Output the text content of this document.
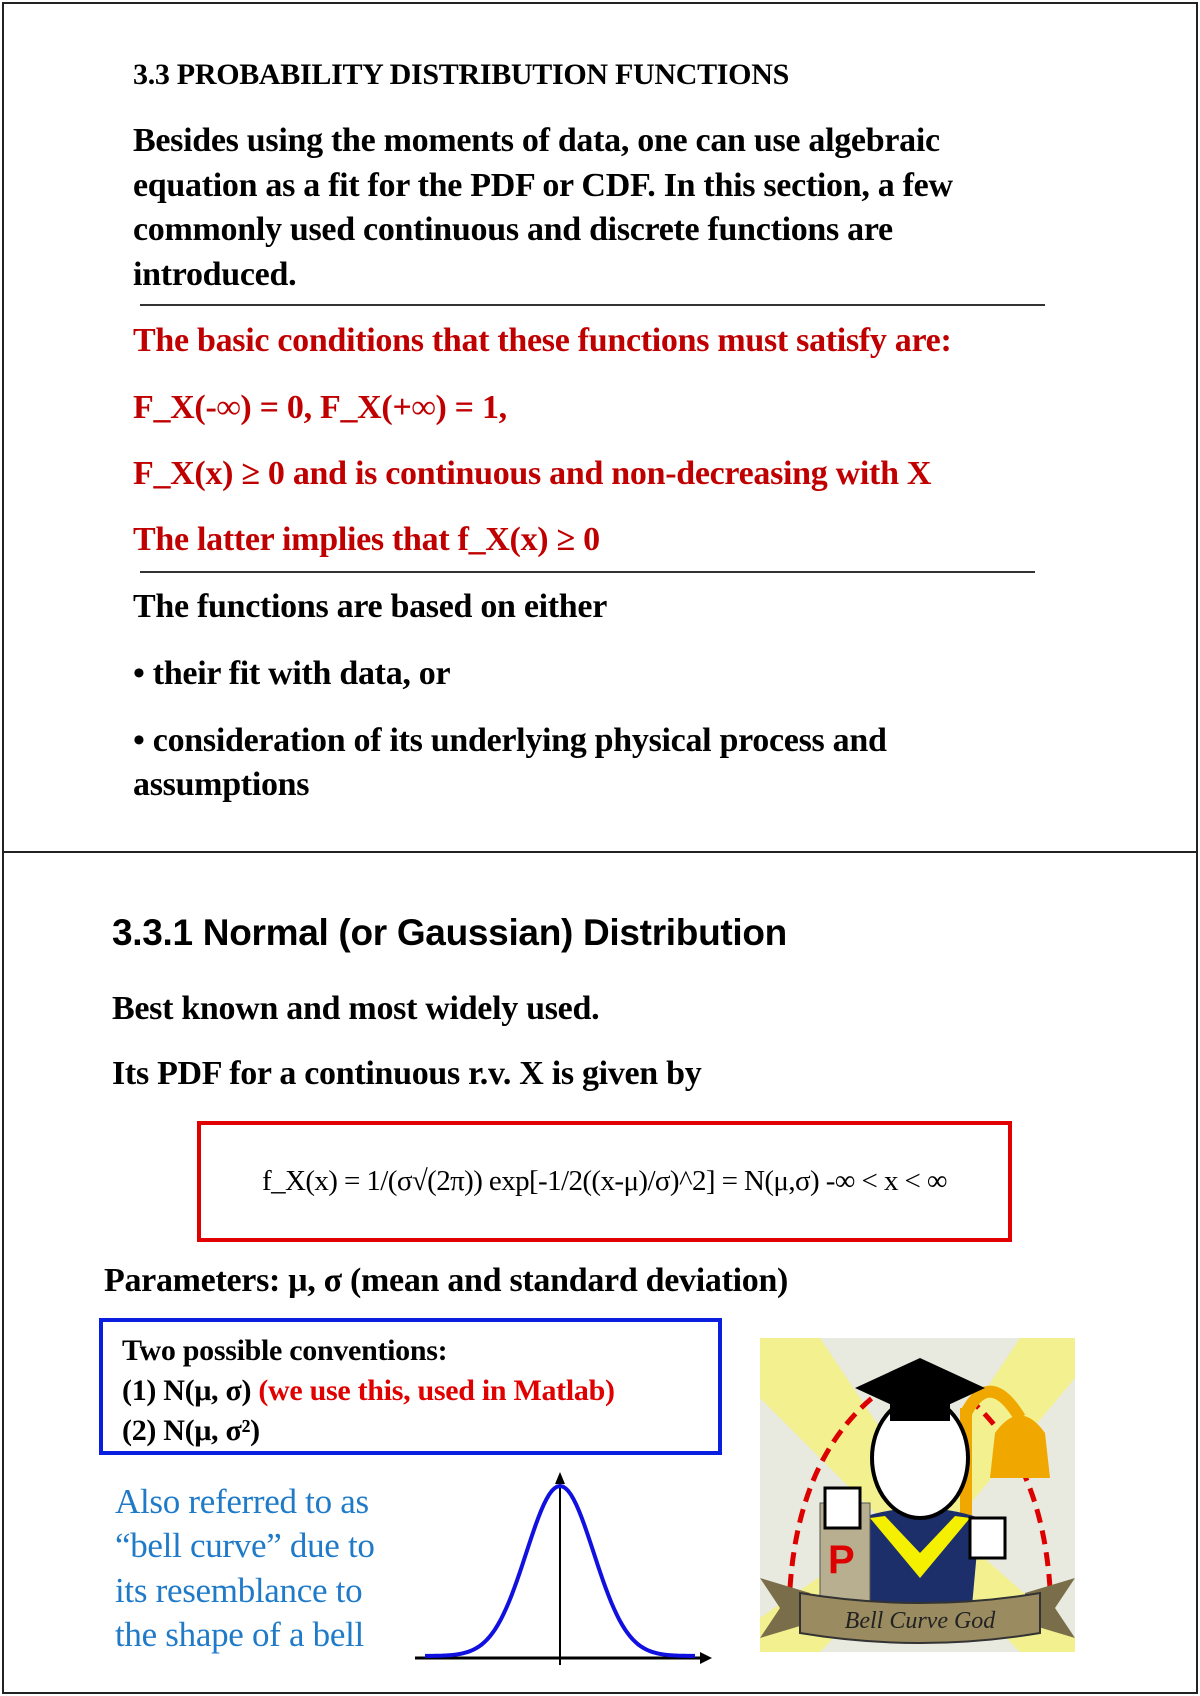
3.3 PROBABILITY DISTRIBUTION FUNCTIONS
Besides using the moments of data, one can use algebraic
equation as a fit for the PDF or CDF. In this section, a few
commonly used continuous and discrete functions are
introduced.
The basic conditions that these functions must satisfy are:
F_X(-∞) = 0, F_X(+∞) = 1,
F_X(x) ≥ 0 and is continuous and non-decreasing with X
The latter implies that f_X(x) ≥ 0
The functions are based on either
• their fit with data, or
• consideration of its underlying physical process and
assumptions
3.3.1 Normal (or Gaussian) Distribution
Best known and most widely used.
Its PDF for a continuous r.v. X is given by
f_X(x) = 1/(σ√(2π)) exp[-1/2((x-μ)/σ)^2] = N(μ,σ) -∞ < x < ∞
Parameters: μ, σ (mean and standard deviation)
Two possible conventions:
(1) N(μ, σ) (we use this, used in Matlab)
(2) N(μ, σ²)
Also referred to as
“bell curve” due to
its resemblance to
the shape of a bell
P
Bell Curve God
